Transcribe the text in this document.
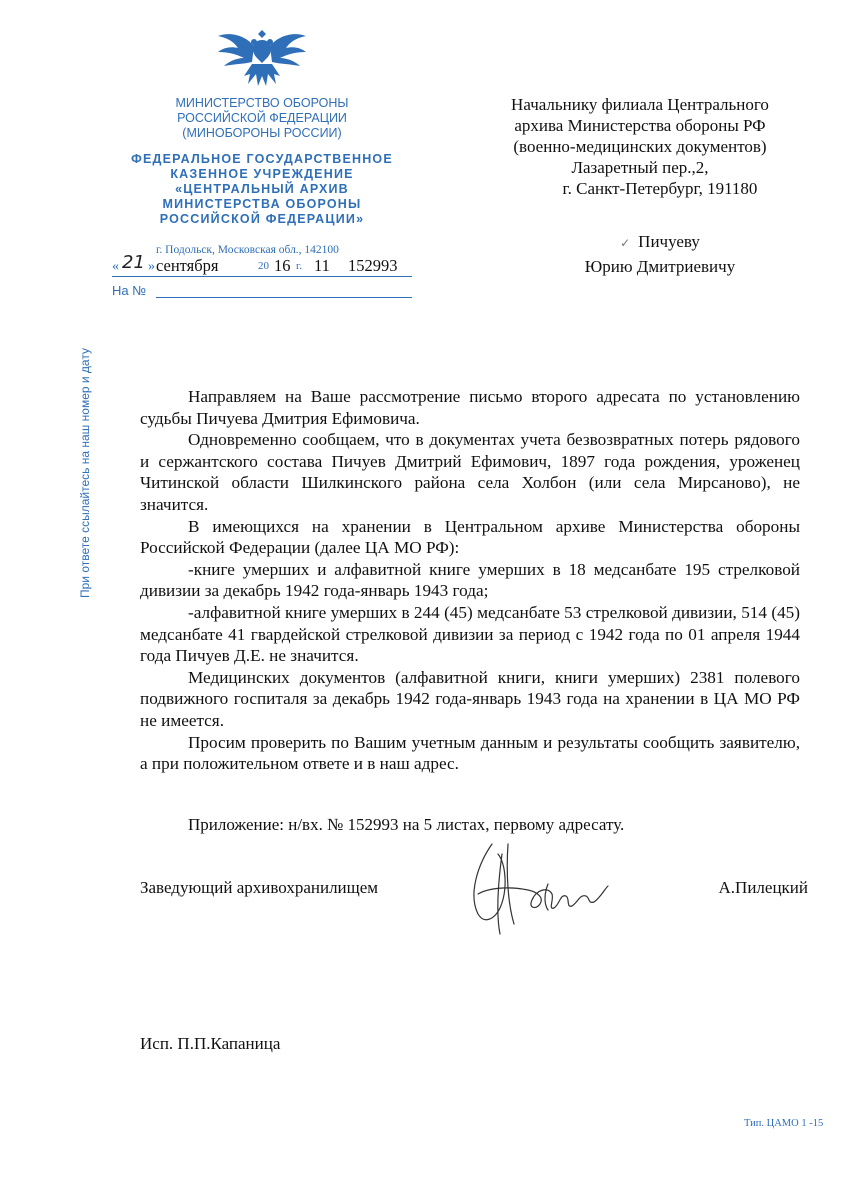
МИНИСТЕРСТВО ОБОРОНЫ
РОССИЙСКОЙ ФЕДЕРАЦИИ
(МИНОБОРОНЫ РОССИИ)
ФЕДЕРАЛЬНОЕ ГОСУДАРСТВЕННОЕ
КАЗЕННОЕ УЧРЕЖДЕНИЕ
«ЦЕНТРАЛЬНЫЙ АРХИВ
МИНИСТЕРСТВА ОБОРОНЫ
РОССИЙСКОЙ ФЕДЕРАЦИИ»
г. Подольск, Московская обл., 142100
« 21 » сентября	20 16 г. 11 152993
На №
При ответе ссылайтесь на наш номер и дату
Начальнику филиала Центрального
архива Министерства обороны РФ
(военно-медицинских документов)
Лазаретный пер.,2,
г. Санкт-Петербург, 191180
✓ Пичуеву
Юрию Дмитриевичу

Направляем на Ваше рассмотрение письмо второго адресата по установлению судьбы Пичуева Дмитрия Ефимовича.

Одновременно сообщаем, что в документах учета безвозвратных потерь рядового и сержантского состава Пичуев Дмитрий Ефимович, 1897 года рождения, уроженец Читинской области Шилкинского района села Холбон (или села Мирсаново), не значится.

В имеющихся на хранении в Центральном архиве Министерства обороны Российской Федерации (далее ЦА МО РФ):

-книге умерших и алфавитной книге умерших в 18 медсанбате 195 стрелковой дивизии за декабрь 1942 года-январь 1943 года;

-алфавитной книге умерших в 244 (45) медсанбате 53 стрелковой дивизии, 514 (45) медсанбате 41 гвардейской стрелковой дивизии за период с 1942 года по 01 апреля 1944 года Пичуев Д.Е. не значится.

Медицинских документов (алфавитной книги, книги умерших) 2381 полевого подвижного госпиталя за декабрь 1942 года-январь 1943 года на хранении в ЦА МО РФ не имеется.

Просим проверить по Вашим учетным данным и результаты сообщить заявителю, а при положительном ответе и в наш адрес.

Приложение: н/вх. № 152993 на 5 листах, первому адресату.
Заведующий архивохранилищем	А.Пилецкий
Исп. П.П.Капаница
Тип. ЦАМО 1 -15
